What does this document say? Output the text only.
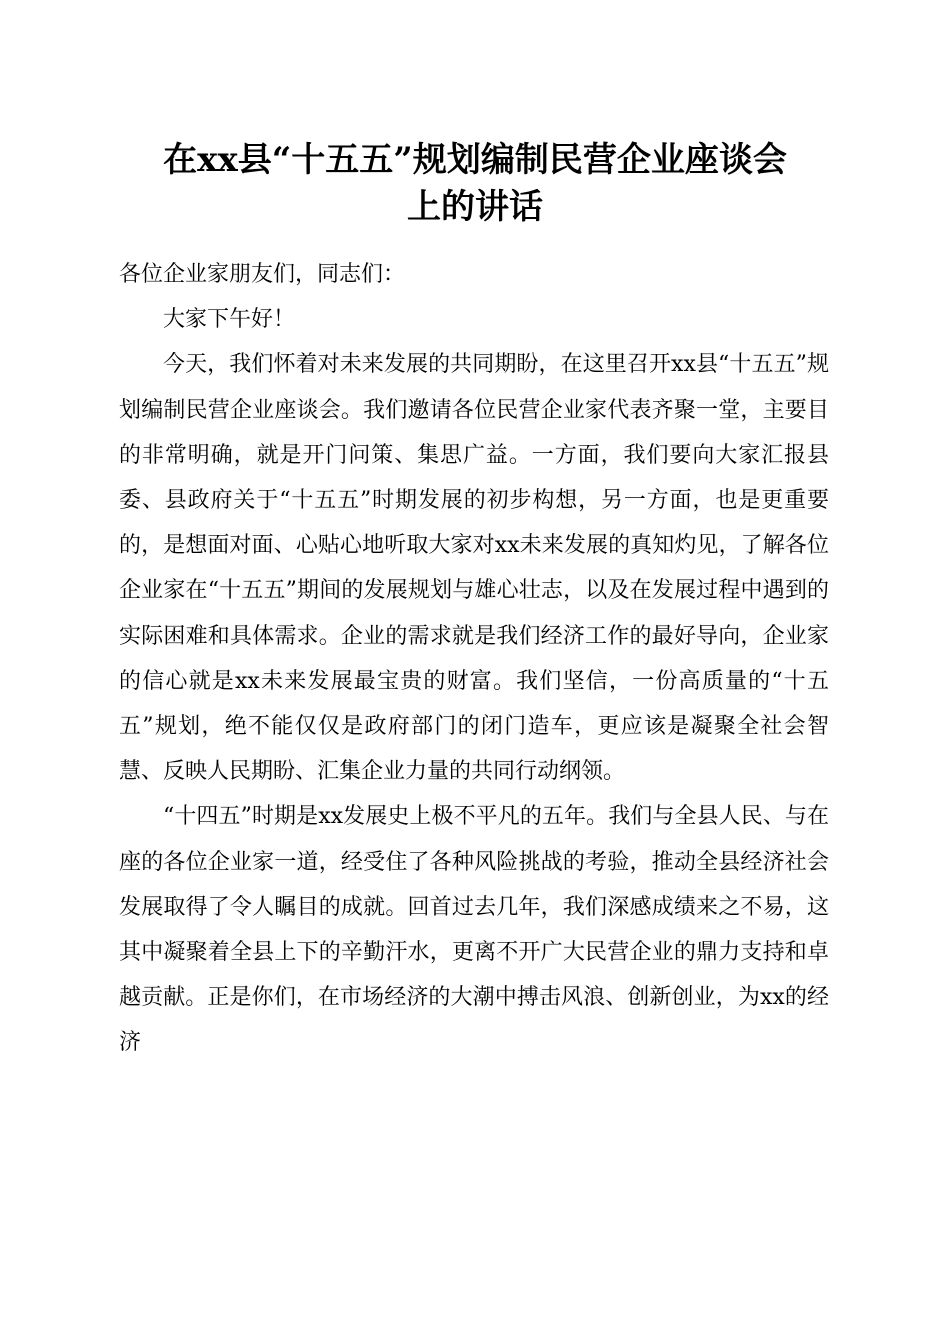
在xx县“十五五”规划编制民营企业座谈会
上的讲话

各位企业家朋友们，同志们：

大家下午好！

今天，我们怀着对未来发展的共同期盼，在这里召开xx县“十五五”规划编制民营企业座谈会。我们邀请各位民营企业家代表齐聚一堂，主要目的非常明确，就是开门问策、集思广益。一方面，我们要向大家汇报县委、县政府关于“十五五”时期发展的初步构想，另一方面，也是更重要的，是想面对面、心贴心地听取大家对xx未来发展的真知灼见，了解各位企业家在“十五五”期间的发展规划与雄心壮志，以及在发展过程中遇到的实际困难和具体需求。企业的需求就是我们经济工作的最好导向，企业家的信心就是xx未来发展最宝贵的财富。我们坚信，一份高质量的“十五五”规划，绝不能仅仅是政府部门的闭门造车，更应该是凝聚全社会智慧、反映人民期盼、汇集企业力量的共同行动纲领。

“十四五”时期是xx发展史上极不平凡的五年。我们与全县人民、与在座的各位企业家一道，经受住了各种风险挑战的考验，推动全县经济社会发展取得了令人瞩目的成就。回首过去几年，我们深感成绩来之不易，这其中凝聚着全县上下的辛勤汗水，更离不开广大民营企业的鼎力支持和卓越贡献。正是你们，在市场经济的大潮中搏击风浪、创新创业，为xx的经济
